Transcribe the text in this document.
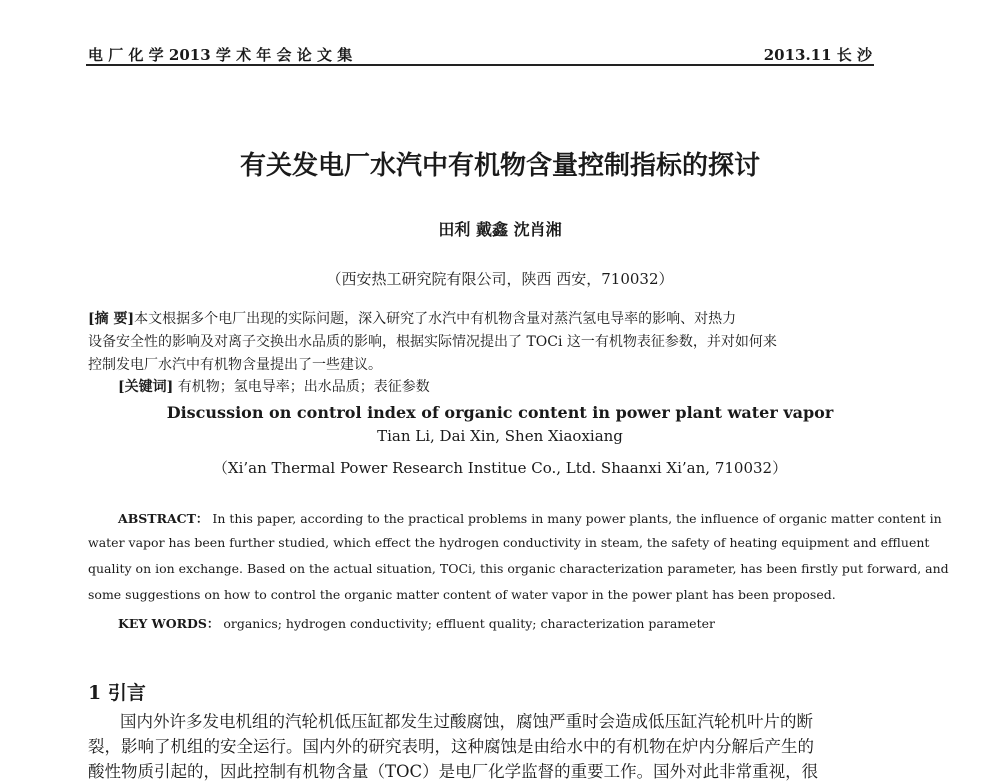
电 厂 化 学 2013 学 术 年 会 论 文 集	2013.11 长 沙
有关发电厂水汽中有机物含量控制指标的探讨
田利 戴鑫 沈肖湘
（西安热工研究院有限公司，陕西 西安，710032）
[摘 要]本文根据多个电厂出现的实际问题，深入研究了水汽中有机物含量对蒸汽氢电导率的影响、对热力
设备安全性的影响及对离子交换出水品质的影响，根据实际情况提出了 TOCi 这一有机物表征参数，并对如何来
控制发电厂水汽中有机物含量提出了一些建议。
[关键词] 有机物；氢电导率；出水品质；表征参数
Discussion on control index of organic content in power plant water vapor
Tian Li, Dai Xin, Shen Xiaoxiang
（Xi’an Thermal Power Research Institue Co., Ltd. Shaanxi Xi’an, 710032）
ABSTRACT： In this paper, according to the practical problems in many power plants, the influence of organic matter content in
water vapor has been further studied, which effect the hydrogen conductivity in steam, the safety of heating equipment and effluent
quality on ion exchange. Based on the actual situation, TOCi, this organic characterization parameter, has been firstly put forward, and
some suggestions on how to control the organic matter content of water vapor in the power plant has been proposed.
KEY WORDS： organics; hydrogen conductivity; effluent quality; characterization parameter
1 引言
国内外许多发电机组的汽轮机低压缸都发生过酸腐蚀，腐蚀严重时会造成低压缸汽轮机叶片的断
裂，影响了机组的安全运行。国内外的研究表明，这种腐蚀是由给水中的有机物在炉内分解后产生的
酸性物质引起的，因此控制有机物含量（TOC）是电厂化学监督的重要工作。国外对此非常重视，很
